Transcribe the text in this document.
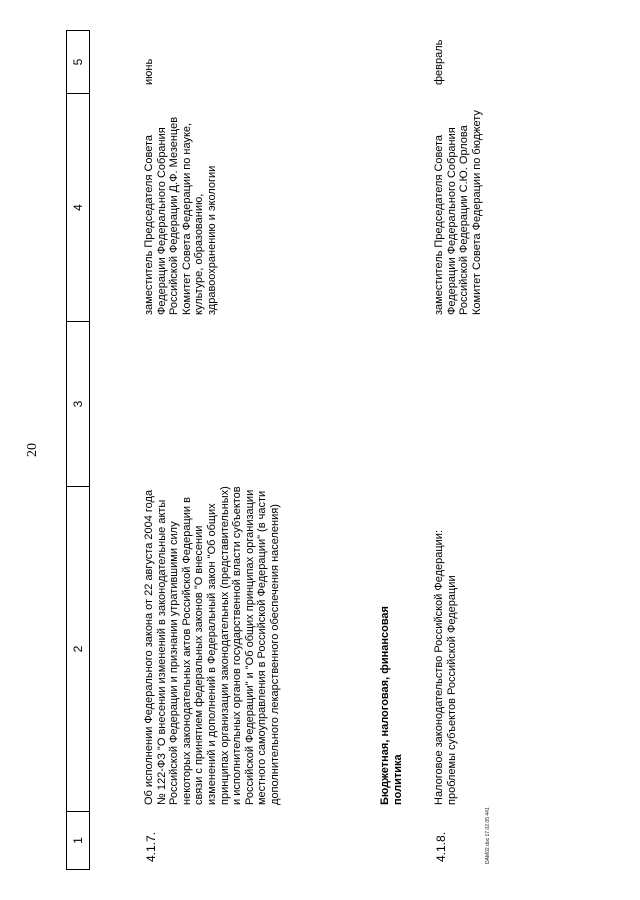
20
1
2
3
4
5
4.1.7.

Об исполнении Федерального закона от 22 августа 2004 года № 122-ФЗ "О внесении изменений в законодательные акты Российской Федерации и признании утратившими силу некоторых законодательных актов Российской Федерации в связи с принятием федеральных законов "О внесении изменений и дополнений в Федеральный закон "Об общих принципах организации законодательных (представительных) и исполнительных органов государственной власти субъектов Российской Федерации" и "Об общих принципах организации местного самоуправления в Российской Федерации" (в части дополнительного лекарственного обеспечения населения)

заместитель Председателя Совета Федерации Федерального Собрания Российской Федерации Д.Ф. Мезенцев Комитет Совета Федерации по науке, культуре, образованию, здравоохранению и экологии

июнь

Бюджетная, налоговая, финансовая политика

4.1.8.

Налоговое законодательство Российской Федерации: проблемы субъектов Российской Федерации

заместитель Председателя Совета Федерации Федерального Собрания Российской Федерации С.Ю. Орлова Комитет Совета Федерации по бюджету

февраль
DAM02.doc 17.02.05 441
